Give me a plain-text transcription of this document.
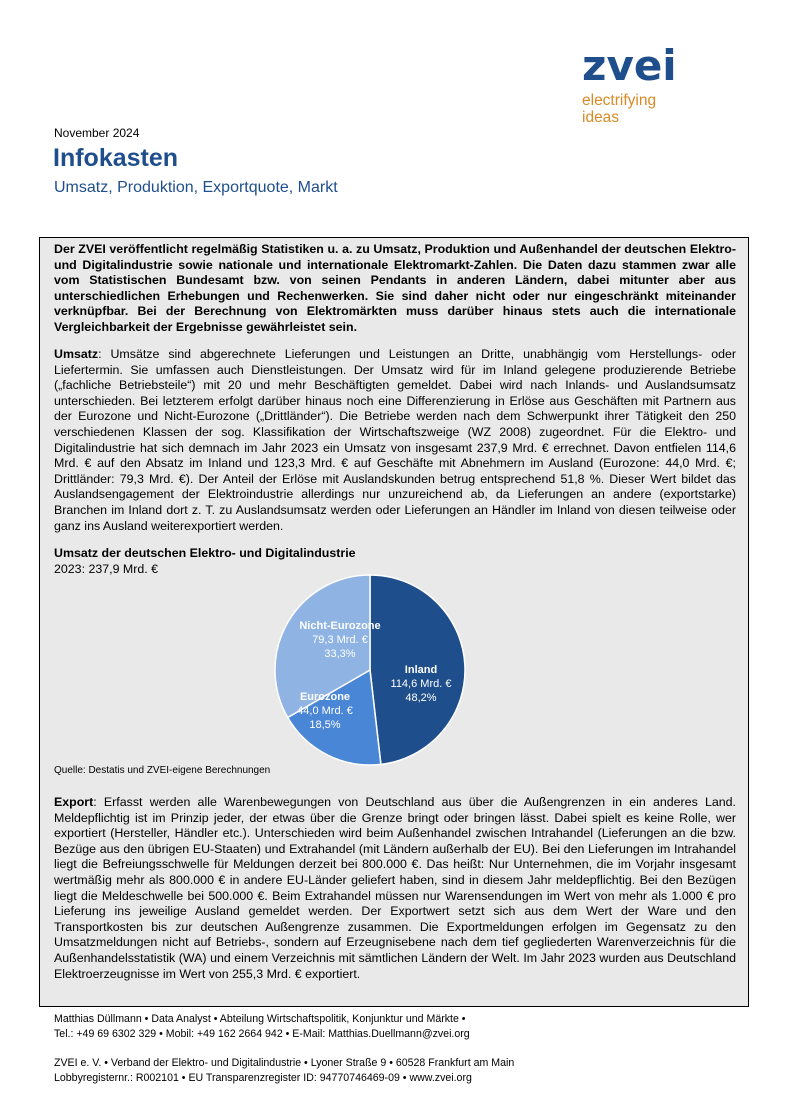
zvei
electrifying
ideas
November 2024
Infokasten
Umsatz, Produktion, Exportquote, Markt
Der ZVEI veröffentlicht regelmäßig Statistiken u. a. zu Umsatz, Produktion und Außenhandel der deutschen Elektro- und Digitalindustrie sowie nationale und internationale Elektromarkt-Zahlen. Die Daten dazu stammen zwar alle vom Statistischen Bundesamt bzw. von seinen Pendants in anderen Ländern, dabei mitunter aber aus unterschiedlichen Erhebungen und Rechenwerken. Sie sind daher nicht oder nur eingeschränkt miteinander verknüpfbar. Bei der Berechnung von Elektromärkten muss darüber hinaus stets auch die internationale Vergleichbarkeit der Ergebnisse gewährleistet sein.
Umsatz: Umsätze sind abgerechnete Lieferungen und Leistungen an Dritte, unabhängig vom Herstellungs- oder Liefertermin. Sie umfassen auch Dienstleistungen. Der Umsatz wird für im Inland gelegene produzierende Betriebe („fachliche Betriebsteile“) mit 20 und mehr Beschäftigten gemeldet. Dabei wird nach Inlands- und Auslandsumsatz unterschieden. Bei letzterem erfolgt darüber hinaus noch eine Differenzierung in Erlöse aus Geschäften mit Partnern aus der Eurozone und Nicht-Eurozone („Drittländer“). Die Betriebe werden nach dem Schwerpunkt ihrer Tätigkeit den 250 verschiedenen Klassen der sog. Klassifikation der Wirtschaftszweige (WZ 2008) zugeordnet. Für die Elektro- und Digitalindustrie hat sich demnach im Jahr 2023 ein Umsatz von insgesamt 237,9 Mrd. € errechnet. Davon entfielen 114,6 Mrd. € auf den Absatz im Inland und 123,3 Mrd. € auf Geschäfte mit Abnehmern im Ausland (Eurozone: 44,0 Mrd. €; Drittländer: 79,3 Mrd. €). Der Anteil der Erlöse mit Auslandskunden betrug entsprechend 51,8 %. Dieser Wert bildet das Auslandsengagement der Elektroindustrie allerdings nur unzureichend ab, da Lieferungen an andere (exportstarke) Branchen im Inland dort z. T. zu Auslandsumsatz werden oder Lieferungen an Händler im Inland von diesen teilweise oder ganz ins Ausland weiterexportiert werden.
Umsatz der deutschen Elektro- und Digitalindustrie
2023: 237,9 Mrd. €
Inland
114,6 Mrd. €
48,2%
Eurozone
44,0 Mrd. €
18,5%
Nicht-Eurozone
79,3 Mrd. €
33,3%
Quelle: Destatis und ZVEI-eigene Berechnungen
Export: Erfasst werden alle Warenbewegungen von Deutschland aus über die Außengrenzen in ein anderes Land. Meldepflichtig ist im Prinzip jeder, der etwas über die Grenze bringt oder bringen lässt. Dabei spielt es keine Rolle, wer exportiert (Hersteller, Händler etc.). Unterschieden wird beim Außenhandel zwischen Intrahandel (Lieferungen an die bzw. Bezüge aus den übrigen EU-Staaten) und Extrahandel (mit Ländern außerhalb der EU). Bei den Lieferungen im Intrahandel liegt die Befreiungsschwelle für Meldungen derzeit bei 800.000 €. Das heißt: Nur Unternehmen, die im Vorjahr insgesamt wertmäßig mehr als 800.000 € in andere EU-Länder geliefert haben, sind in diesem Jahr meldepflichtig. Bei den Bezügen liegt die Meldeschwelle bei 500.000 €. Beim Extrahandel müssen nur Warensendungen im Wert von mehr als 1.000 € pro Lieferung ins jeweilige Ausland gemeldet werden. Der Exportwert setzt sich aus dem Wert der Ware und den Transportkosten bis zur deutschen Außengrenze zusammen. Die Exportmeldungen erfolgen im Gegensatz zu den Umsatzmeldungen nicht auf Betriebs-, sondern auf Erzeugnisebene nach dem tief gegliederten Warenverzeichnis für die Außenhandelsstatistik (WA) und einem Verzeichnis mit sämtlichen Ländern der Welt. Im Jahr 2023 wurden aus Deutschland Elektroerzeugnisse im Wert von 255,3 Mrd. € exportiert.
Matthias Düllmann • Data Analyst • Abteilung Wirtschaftspolitik, Konjunktur und Märkte •
Tel.: +49 69 6302 329 • Mobil: +49 162 2664 942 • E-Mail: Matthias.Duellmann@zvei.org
ZVEI e. V. • Verband der Elektro- und Digitalindustrie • Lyoner Straße 9 • 60528 Frankfurt am Main
Lobbyregisternr.: R002101 • EU Transparenzregister ID: 94770746469-09 • www.zvei.org
